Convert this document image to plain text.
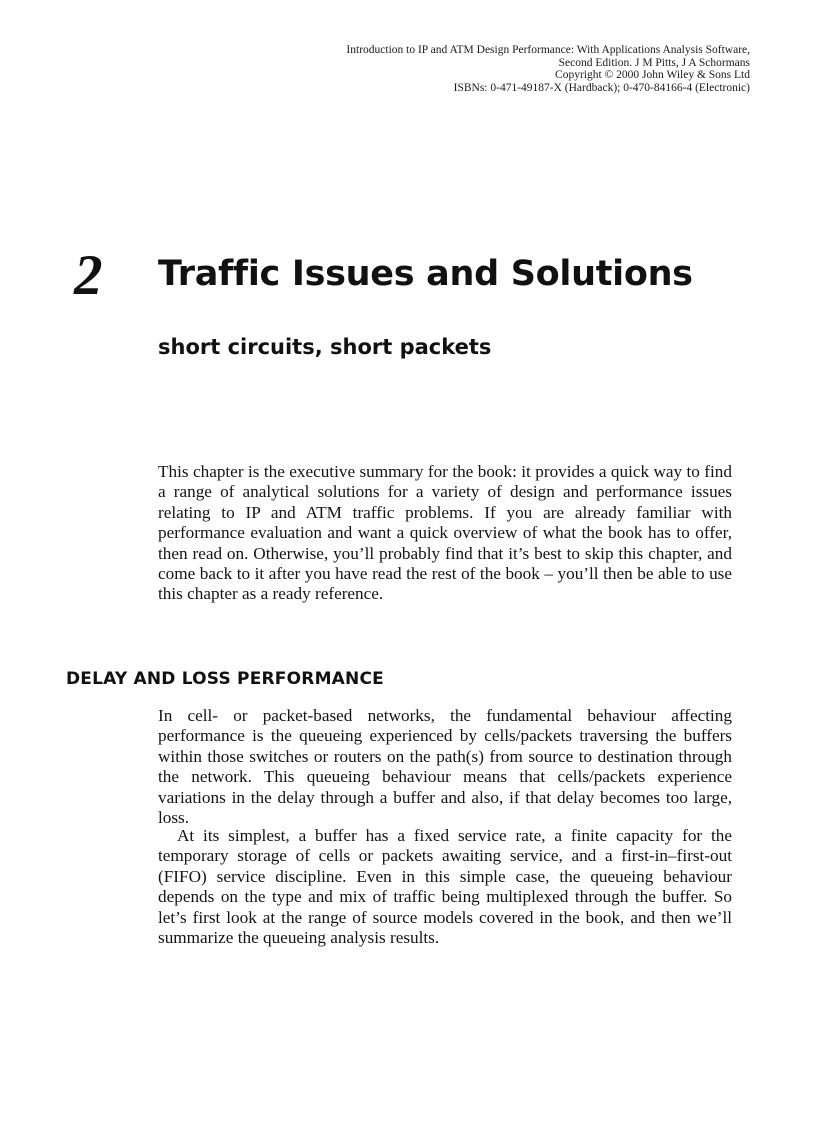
Introduction to IP and ATM Design Performance: With Applications Analysis Software,
Second Edition. J M Pitts, J A Schormans
Copyright © 2000 John Wiley & Sons Ltd
ISBNs: 0-471-49187-X (Hardback); 0-470-84166-4 (Electronic)
2 Traffic Issues and Solutions
short circuits, short packets

This chapter is the executive summary for the book: it provides a quick way to find a range of analytical solutions for a variety of design and performance issues relating to IP and ATM traffic problems. If you are already familiar with performance evaluation and want a quick overview of what the book has to offer, then read on. Otherwise, you’ll probably find that it’s best to skip this chapter, and come back to it after you have read the rest of the book – you’ll then be able to use this chapter as a ready reference.

DELAY AND LOSS PERFORMANCE

In cell- or packet-based networks, the fundamental behaviour affecting performance is the queueing experienced by cells/packets traversing the buffers within those switches or routers on the path(s) from source to destination through the network. This queueing behaviour means that cells/packets experience variations in the delay through a buffer and also, if that delay becomes too large, loss.

At its simplest, a buffer has a fixed service rate, a finite capacity for the temporary storage of cells or packets awaiting service, and a first-in–first-out (FIFO) service discipline. Even in this simple case, the queueing behaviour depends on the type and mix of traffic being multiplexed through the buffer. So let’s first look at the range of source models covered in the book, and then we’ll summarize the queueing analysis results.
